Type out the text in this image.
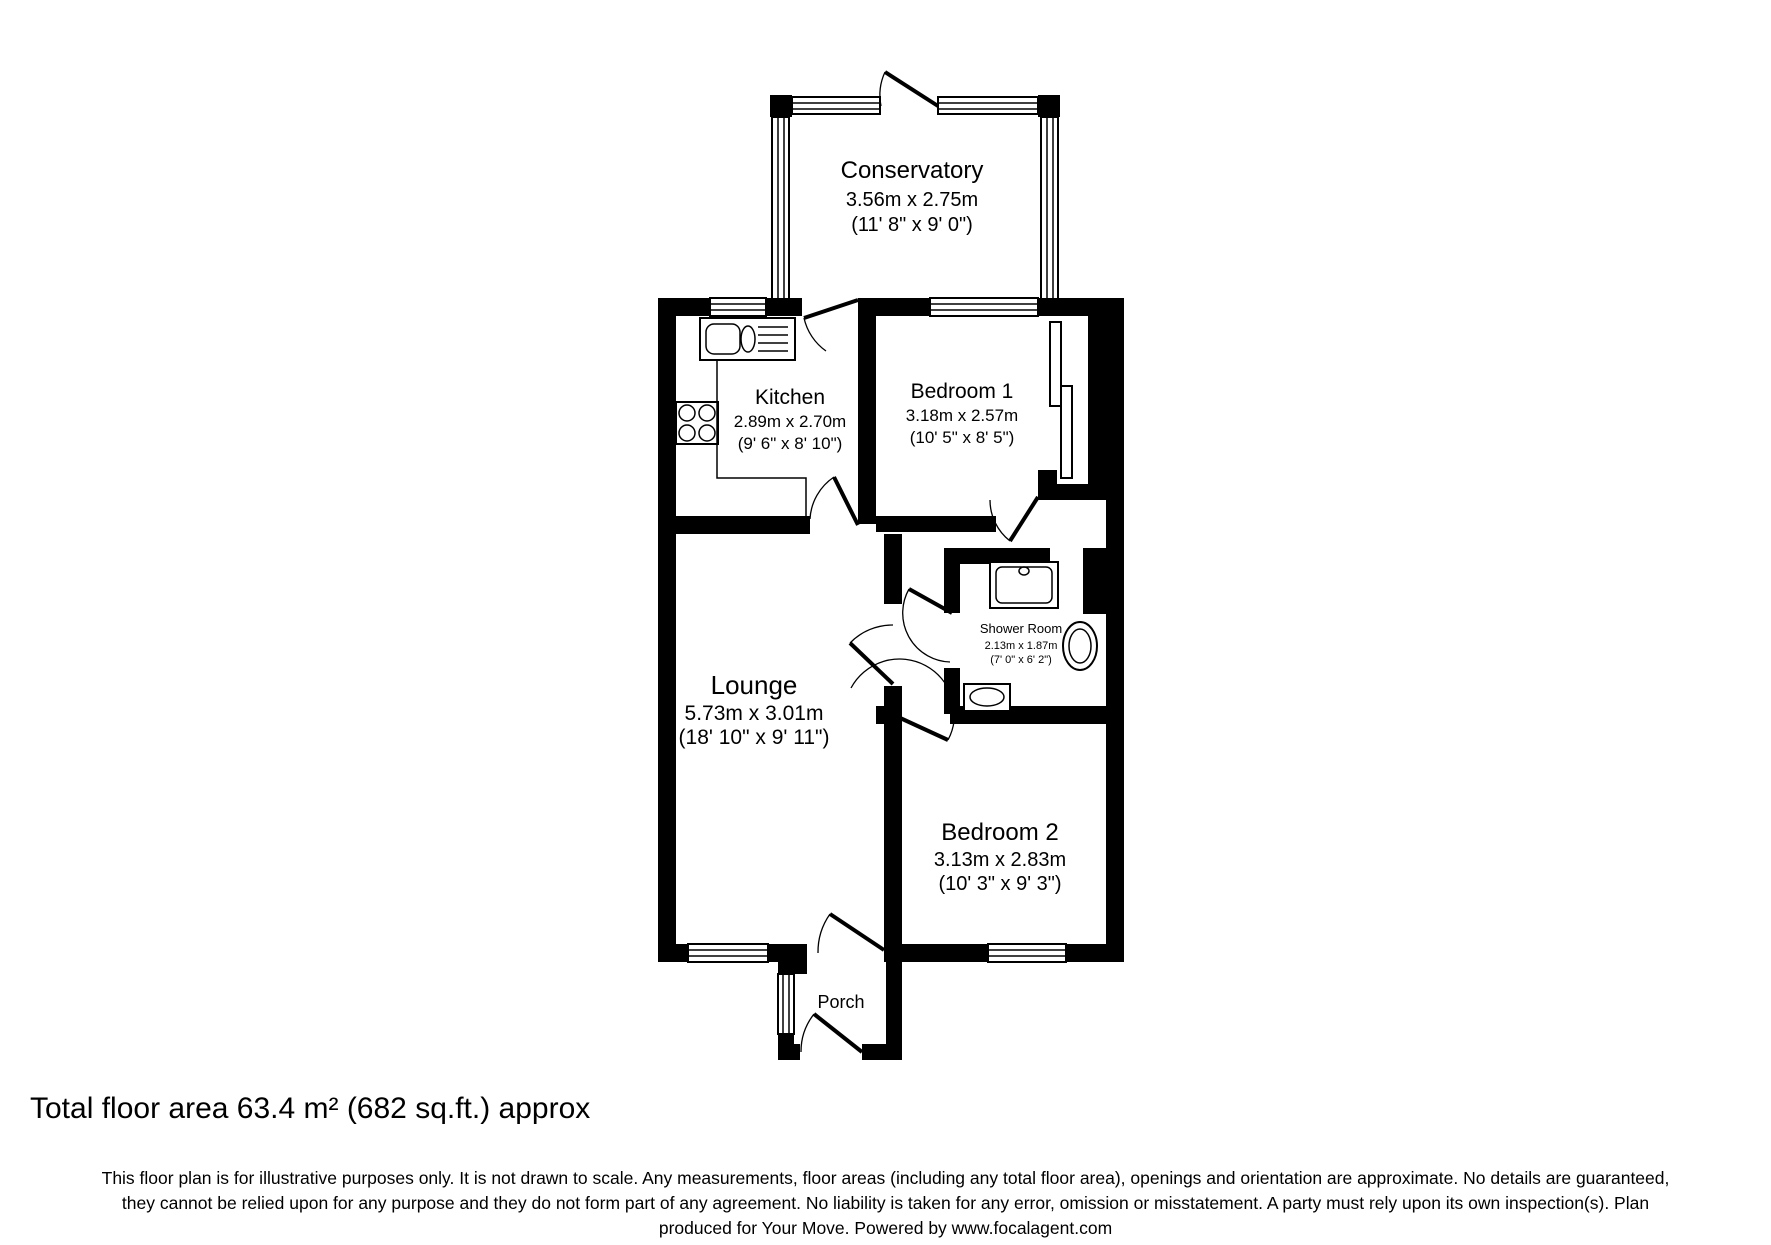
Conservatory
3.56m x 2.75m
(11' 8" x 9' 0")
Kitchen
2.89m x 2.70m
(9' 6" x 8' 10")
Bedroom 1
3.18m x 2.57m
(10' 5" x 8' 5")
Shower Room
2.13m x 1.87m
(7' 0" x 6' 2")
Lounge
5.73m x 3.01m
(18' 10" x 9' 11")
Bedroom 2
3.13m x 2.83m
(10' 3" x 9' 3")
Porch
Total floor area 63.4 m² (682 sq.ft.) approx
This floor plan is for illustrative purposes only. It is not drawn to scale. Any measurements, floor areas (including any total floor area), openings and orientation are approximate. No details are guaranteed,
they cannot be relied upon for any purpose and they do not form part of any agreement. No liability is taken for any error, omission or misstatement. A party must rely upon its own inspection(s). Plan
produced for Your Move. Powered by www.focalagent.com
